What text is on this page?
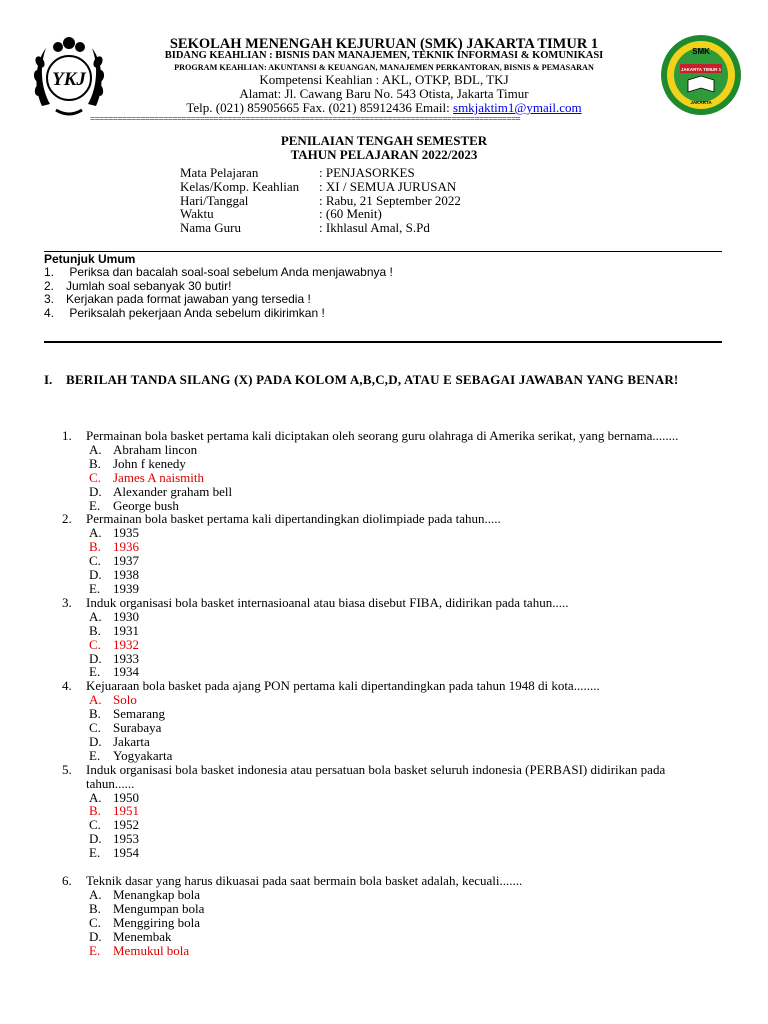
YKJ
SMK
JAKARTA TIMUR 1
JAKARTA
SEKOLAH MENENGAH KEJURUAN (SMK) JAKARTA TIMUR 1
BIDANG KEAHLIAN : BISNIS DAN MANAJEMEN, TEKNIK INFORMASI & KOMUNIKASI
PROGRAM KEAHLIAN: AKUNTANSI & KEUANGAN, MANAJEMEN PERKANTORAN, BISNIS & PEMASARAN
Kompetensi Keahlian : AKL, OTKP, BDL, TKJ
Alamat: Jl. Cawang Baru No. 543 Otista, Jakarta Timur
Telp. (021) 85905665 Fax. (021) 85912436 Email: smkjaktim1@ymail.com
==============================================================================================
PENILAIAN TENGAH SEMESTER
TAHUN PELAJARAN 2022/2023
Mata Pelajaran	: PENJASORKES
Kelas/Komp. Keahlian	: XI / SEMUA JURUSAN
Hari/Tanggal	: Rabu, 21 September 2022
Waktu	: (60 Menit)
Nama Guru	: Ikhlasul Amal, S.Pd
Petunjuk Umum
1. Periksa dan bacalah soal-soal sebelum Anda menjawabnya !
2. Jumlah soal sebanyak 30 butir!
3. Kerjakan pada format jawaban yang tersedia !
4. Periksalah pekerjaan Anda sebelum dikirimkan !
I.	BERILAH TANDA SILANG (X) PADA KOLOM A,B,C,D, ATAU E SEBAGAI JAWABAN YANG BENAR!
1. Permainan bola basket pertama kali diciptakan oleh seorang guru olahraga di Amerika serikat, yang bernama........
A. Abraham lincon
B. John f kenedy
C. James A naismith
D. Alexander graham bell
E. George bush
2. Permainan bola basket pertama kali dipertandingkan diolimpiade pada tahun.....
A. 1935
B. 1936
C. 1937
D. 1938
E. 1939
3. Induk organisasi bola basket internasioanal atau biasa disebut FIBA, didirikan pada tahun.....
A. 1930
B. 1931
C. 1932
D. 1933
E. 1934
4. Kejuaraan bola basket pada ajang PON pertama kali dipertandingkan pada tahun 1948 di kota........
A. Solo
B. Semarang
C. Surabaya
D. Jakarta
E. Yogyakarta
5. Induk organisasi bola basket indonesia atau persatuan bola basket seluruh indonesia (PERBASI) didirikan pada tahun......
A. 1950
B. 1951
C. 1952
D. 1953
E. 1954
6. Teknik dasar yang harus dikuasai pada saat bermain bola basket adalah, kecuali.......
A. Menangkap bola
B. Mengumpan bola
C. Menggiring bola
D. Menembak
E. Memukul bola
